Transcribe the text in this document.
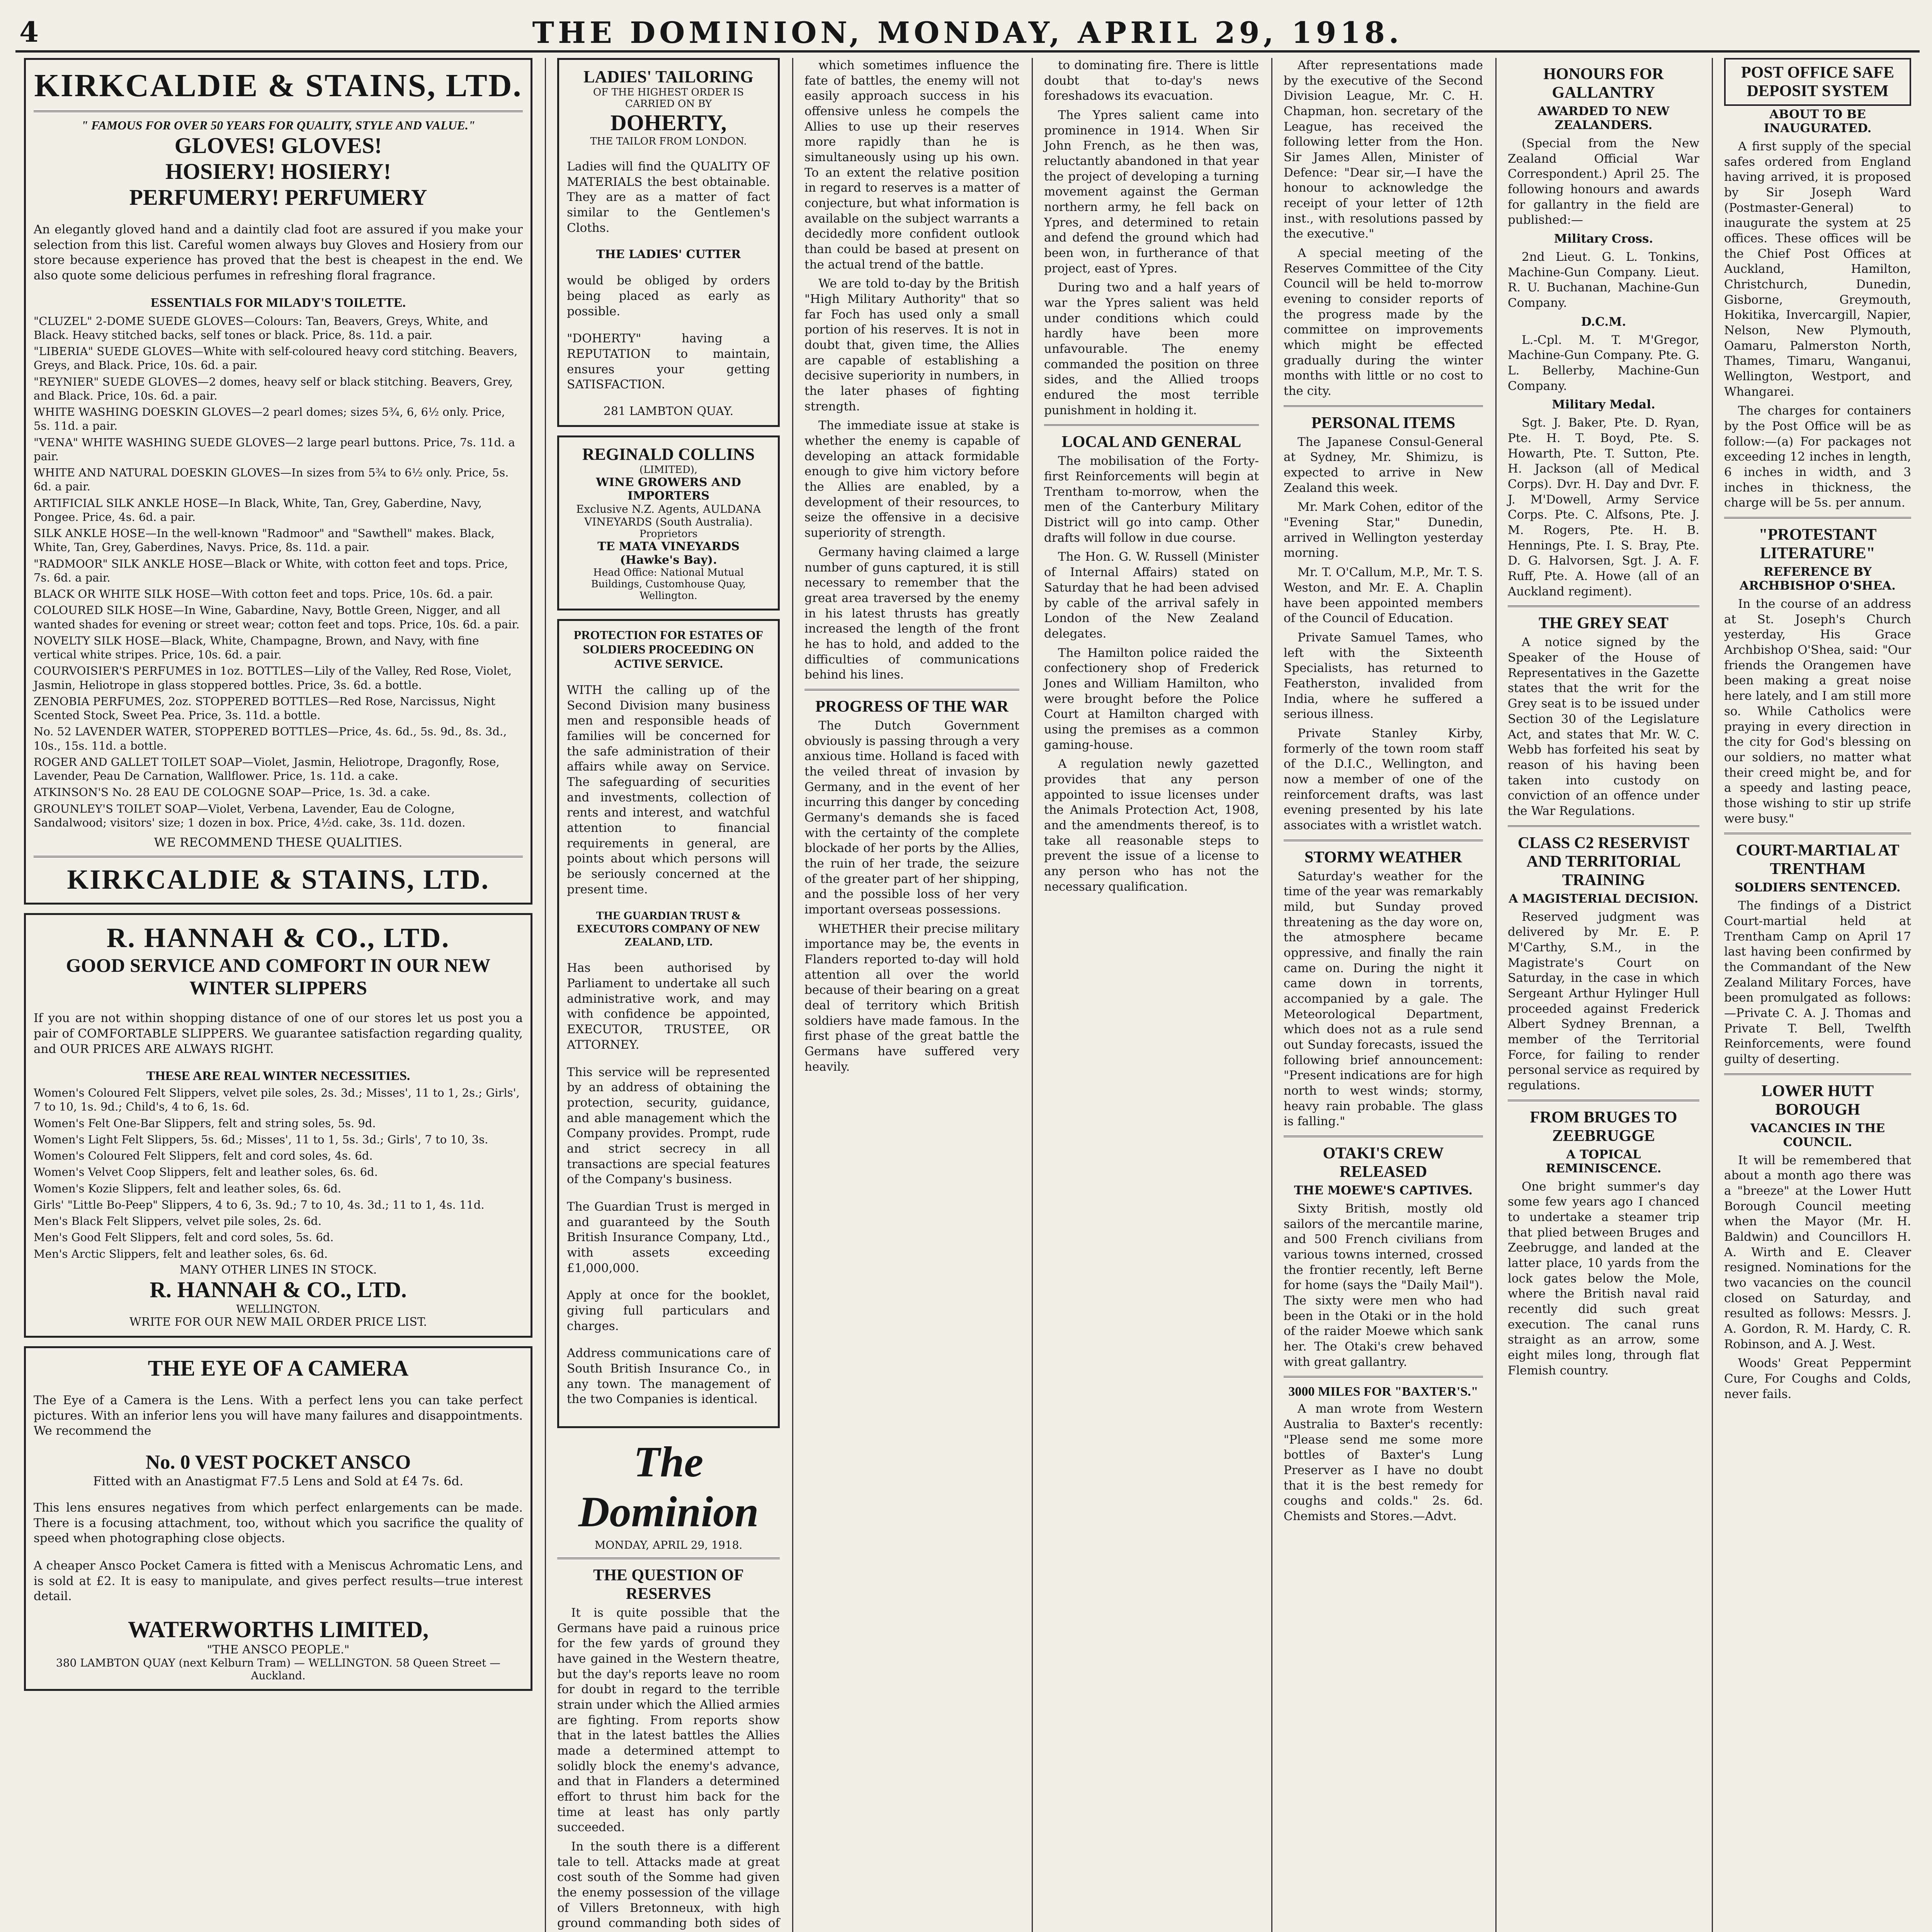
4	THE DOMINION, MONDAY, APRIL 29, 1918.
KIRKCALDIE & STAINS, LTD.
" FAMOUS FOR OVER 50 YEARS FOR QUALITY, STYLE AND VALUE."
GLOVES! GLOVES!
HOSIERY! HOSIERY!
PERFUMERY! PERFUMERY

An elegantly gloved hand and a daintily clad foot are assured if you make your selection from this list. Careful women always buy Gloves and Hosiery from our store because experience has proved that the best is cheapest in the end. We also quote some delicious perfumes in refreshing floral fragrance.

ESSENTIALS FOR MILADY'S TOILETTE.

"CLUZEL" 2-DOME SUEDE GLOVES—Colours: Tan, Beavers, Greys, White, and Black. Heavy stitched backs, self tones or black. Price, 8s. 11d. a pair.

"LIBERIA" SUEDE GLOVES—White with self-coloured heavy cord stitching. Beavers, Greys, and Black. Price, 10s. 6d. a pair.

"REYNIER" SUEDE GLOVES—2 domes, heavy self or black stitching. Beavers, Grey, and Black. Price, 10s. 6d. a pair.

WHITE WASHING DOESKIN GLOVES—2 pearl domes; sizes 5¾, 6, 6½ only. Price, 5s. 11d. a pair.

"VENA" WHITE WASHING SUEDE GLOVES—2 large pearl buttons. Price, 7s. 11d. a pair.

WHITE AND NATURAL DOESKIN GLOVES—In sizes from 5¾ to 6½ only. Price, 5s. 6d. a pair.

ARTIFICIAL SILK ANKLE HOSE—In Black, White, Tan, Grey, Gaberdine, Navy, Pongee. Price, 4s. 6d. a pair.

SILK ANKLE HOSE—In the well-known "Radmoor" and "Sawthell" makes. Black, White, Tan, Grey, Gaberdines, Navys. Price, 8s. 11d. a pair.

"RADMOOR" SILK ANKLE HOSE—Black or White, with cotton feet and tops. Price, 7s. 6d. a pair.

BLACK OR WHITE SILK HOSE—With cotton feet and tops. Price, 10s. 6d. a pair.

COLOURED SILK HOSE—In Wine, Gabardine, Navy, Bottle Green, Nigger, and all wanted shades for evening or street wear; cotton feet and tops. Price, 10s. 6d. a pair.

NOVELTY SILK HOSE—Black, White, Champagne, Brown, and Navy, with fine vertical white stripes. Price, 10s. 6d. a pair.

COURVOISIER'S PERFUMES in 1oz. BOTTLES—Lily of the Valley, Red Rose, Violet, Jasmin, Heliotrope in glass stoppered bottles. Price, 3s. 6d. a bottle.

ZENOBIA PERFUMES, 2oz. STOPPERED BOTTLES—Red Rose, Narcissus, Night Scented Stock, Sweet Pea. Price, 3s. 11d. a bottle.

No. 52 LAVENDER WATER, STOPPERED BOTTLES—Price, 4s. 6d., 5s. 9d., 8s. 3d., 10s., 15s. 11d. a bottle.

ROGER AND GALLET TOILET SOAP—Violet, Jasmin, Heliotrope, Dragonfly, Rose, Lavender, Peau De Carnation, Wallflower. Price, 1s. 11d. a cake.

ATKINSON'S No. 28 EAU DE COLOGNE SOAP—Price, 1s. 3d. a cake.

GROUNLEY'S TOILET SOAP—Violet, Verbena, Lavender, Eau de Cologne, Sandalwood; visitors' size; 1 dozen in box. Price, 4½d. cake, 3s. 11d. dozen.

WE RECOMMEND THESE QUALITIES.
KIRKCALDIE & STAINS, LTD.
R. HANNAH & CO., LTD.
GOOD SERVICE AND COMFORT IN OUR NEW WINTER SLIPPERS

If you are not within shopping distance of one of our stores let us post you a pair of COMFORTABLE SLIPPERS. We guarantee satisfaction regarding quality, and OUR PRICES ARE ALWAYS RIGHT.

THESE ARE REAL WINTER NECESSITIES.

Women's Coloured Felt Slippers, velvet pile soles, 2s. 3d.; Misses', 11 to 1, 2s.; Girls', 7 to 10, 1s. 9d.; Child's, 4 to 6, 1s. 6d.

Women's Felt One-Bar Slippers, felt and string soles, 5s. 9d.

Women's Light Felt Slippers, 5s. 6d.; Misses', 11 to 1, 5s. 3d.; Girls', 7 to 10, 3s.

Women's Coloured Felt Slippers, felt and cord soles, 4s. 6d.

Women's Velvet Coop Slippers, felt and leather soles, 6s. 6d.

Women's Kozie Slippers, felt and leather soles, 6s. 6d.

Girls' "Little Bo-Peep" Slippers, 4 to 6, 3s. 9d.; 7 to 10, 4s. 3d.; 11 to 1, 4s. 11d.

Men's Black Felt Slippers, velvet pile soles, 2s. 6d.

Men's Good Felt Slippers, felt and cord soles, 5s. 6d.

Men's Arctic Slippers, felt and leather soles, 6s. 6d.

MANY OTHER LINES IN STOCK.
R. HANNAH & CO., LTD.
WELLINGTON.
WRITE FOR OUR NEW MAIL ORDER PRICE LIST.
THE EYE OF A CAMERA

The Eye of a Camera is the Lens. With a perfect lens you can take perfect pictures. With an inferior lens you will have many failures and disappointments. We recommend the

No. 0 VEST POCKET ANSCO
Fitted with an Anastigmat F7.5 Lens and Sold at £4 7s. 6d.

This lens ensures negatives from which perfect enlargements can be made. There is a focusing attachment, too, without which you sacrifice the quality of speed when photographing close objects.

A cheaper Ansco Pocket Camera is fitted with a Meniscus Achromatic Lens, and is sold at £2. It is easy to manipulate, and gives perfect results—true interest detail.

WATERWORTHS LIMITED,
"THE ANSCO PEOPLE."
380 LAMBTON QUAY (next Kelburn Tram) — WELLINGTON. 58 Queen Street — Auckland.

LADIES' TAILORING
OF THE HIGHEST ORDER IS CARRIED ON BY
DOHERTY,
THE TAILOR FROM LONDON.

Ladies will find the QUALITY OF MATERIALS the best obtainable. They are as a matter of fact similar to the Gentlemen's Cloths.

THE LADIES' CUTTER

would be obliged by orders being placed as early as possible.

"DOHERTY" having a REPUTATION to maintain, ensures your getting SATISFACTION.

281 LAMBTON QUAY.
REGINALD COLLINS
(LIMITED),
WINE GROWERS AND IMPORTERS
Exclusive N.Z. Agents, AULDANA VINEYARDS (South Australia).
Proprietors
TE MATA VINEYARDS (Hawke's Bay).
Head Office: National Mutual Buildings, Customhouse Quay, Wellington.
PROTECTION FOR ESTATES OF SOLDIERS PROCEEDING ON ACTIVE SERVICE.

WITH the calling up of the Second Division many business men and responsible heads of families will be concerned for the safe administration of their affairs while away on Service. The safeguarding of securities and investments, collection of rents and interest, and watchful attention to financial requirements in general, are points about which persons will be seriously concerned at the present time.

THE GUARDIAN TRUST & EXECUTORS COMPANY OF NEW ZEALAND, LTD.

Has been authorised by Parliament to undertake all such administrative work, and may with confidence be appointed, EXECUTOR, TRUSTEE, OR ATTORNEY.

This service will be represented by an address of obtaining the protection, security, guidance, and able management which the Company provides. Prompt, rude and strict secrecy in all transactions are special features of the Company's business.

The Guardian Trust is merged in and guaranteed by the South British Insurance Company, Ltd., with assets exceeding £1,000,000.

Apply at once for the booklet, giving full particulars and charges.

Address communications care of South British Insurance Co., in any town. The management of the two Companies is identical.

The Dominion
MONDAY, APRIL 29, 1918.
THE QUESTION OF RESERVES

It is quite possible that the Germans have paid a ruinous price for the few yards of ground they have gained in the Western theatre, but the day's reports leave no room for doubt in regard to the terrible strain under which the Allied armies are fighting. From reports show that in the latest battles the Allies made a determined attempt to solidly block the enemy's advance, and that in Flanders a determined effort to thrust him back for the time at least has only partly succeeded.

In the south there is a different tale to tell. Attacks made at great cost south of the Somme had given the enemy possession of the village of Villers Bretonneux, with high ground commanding both sides of

which sometimes influence the fate of battles, the enemy will not easily approach success in his offensive unless he compels the Allies to use up their reserves more rapidly than he is simultaneously using up his own. To an extent the relative position in regard to reserves is a matter of conjecture, but what information is available on the subject warrants a decidedly more confident outlook than could be based at present on the actual trend of the battle.

We are told to-day by the British "High Military Authority" that so far Foch has used only a small portion of his reserves. It is not in doubt that, given time, the Allies are capable of establishing a decisive superiority in numbers, in the later phases of fighting strength.

The immediate issue at stake is whether the enemy is capable of developing an attack formidable enough to give him victory before the Allies are enabled, by a development of their resources, to seize the offensive in a decisive superiority of strength.

Germany having claimed a large number of guns captured, it is still necessary to remember that the great area traversed by the enemy in his latest thrusts has greatly increased the length of the front he has to hold, and added to the difficulties of communications behind his lines.

PROGRESS OF THE WAR

The Dutch Government obviously is passing through a very anxious time. Holland is faced with the veiled threat of invasion by Germany, and in the event of her incurring this danger by conceding Germany's demands she is faced with the certainty of the complete blockade of her ports by the Allies, the ruin of her trade, the seizure of the greater part of her shipping, and the possible loss of her very important overseas possessions.

WHETHER their precise military importance may be, the events in Flanders reported to-day will hold attention all over the world because of their bearing on a great deal of territory which British soldiers have made famous. In the first phase of the great battle the Germans have suffered very heavily.

to dominating fire. There is little doubt that to-day's news foreshadows its evacuation.

The Ypres salient came into prominence in 1914. When Sir John French, as he then was, reluctantly abandoned in that year the project of developing a turning movement against the German northern army, he fell back on Ypres, and determined to retain and defend the ground which had been won, in furtherance of that project, east of Ypres.

During two and a half years of war the Ypres salient was held under conditions which could hardly have been more unfavourable. The enemy commanded the position on three sides, and the Allied troops endured the most terrible punishment in holding it.

LOCAL AND GENERAL

The mobilisation of the Forty-first Reinforcements will begin at Trentham to-morrow, when the men of the Canterbury Military District will go into camp. Other drafts will follow in due course.

The Hon. G. W. Russell (Minister of Internal Affairs) stated on Saturday that he had been advised by cable of the arrival safely in London of the New Zealand delegates.

The Hamilton police raided the confectionery shop of Frederick Jones and William Hamilton, who were brought before the Police Court at Hamilton charged with using the premises as a common gaming-house.

A regulation newly gazetted provides that any person appointed to issue licenses under the Animals Protection Act, 1908, and the amendments thereof, is to take all reasonable steps to prevent the issue of a license to any person who has not the necessary qualification.

After representations made by the executive of the Second Division League, Mr. C. H. Chapman, hon. secretary of the League, has received the following letter from the Hon. Sir James Allen, Minister of Defence: "Dear sir,—I have the honour to acknowledge the receipt of your letter of 12th inst., with resolutions passed by the executive."

A special meeting of the Reserves Committee of the City Council will be held to-morrow evening to consider reports of the progress made by the committee on improvements which might be effected gradually during the winter months with little or no cost to the city.

PERSONAL ITEMS

The Japanese Consul-General at Sydney, Mr. Shimizu, is expected to arrive in New Zealand this week.

Mr. Mark Cohen, editor of the "Evening Star," Dunedin, arrived in Wellington yesterday morning.

Mr. T. O'Callum, M.P., Mr. T. S. Weston, and Mr. E. A. Chaplin have been appointed members of the Council of Education.

Private Samuel Tames, who left with the Sixteenth Specialists, has returned to Featherston, invalided from India, where he suffered a serious illness.

Private Stanley Kirby, formerly of the town room staff of the D.I.C., Wellington, and now a member of one of the reinforcement drafts, was last evening presented by his late associates with a wristlet watch.

STORMY WEATHER

Saturday's weather for the time of the year was remarkably mild, but Sunday proved threatening as the day wore on, the atmosphere became oppressive, and finally the rain came on. During the night it came down in torrents, accompanied by a gale. The Meteorological Department, which does not as a rule send out Sunday forecasts, issued the following brief announcement: "Present indications are for high north to west winds; stormy, heavy rain probable. The glass is falling."

OTAKI'S CREW RELEASED
THE MOEWE'S CAPTIVES.

Sixty British, mostly old sailors of the mercantile marine, and 500 French civilians from various towns interned, crossed the frontier recently, left Berne for home (says the "Daily Mail"). The sixty were men who had been in the Otaki or in the hold of the raider Moewe which sank her. The Otaki's crew behaved with great gallantry.

3000 MILES FOR "BAXTER'S."

A man wrote from Western Australia to Baxter's recently: "Please send me some more bottles of Baxter's Lung Preserver as I have no doubt that it is the best remedy for coughs and colds." 2s. 6d. Chemists and Stores.—Advt.

HONOURS FOR GALLANTRY
AWARDED TO NEW ZEALANDERS.

(Special from the New Zealand Official War Correspondent.) April 25. The following honours and awards for gallantry in the field are published:—

Military Cross.

2nd Lieut. G. L. Tonkins, Machine-Gun Company. Lieut. R. U. Buchanan, Machine-Gun Company.

D.C.M.

L.-Cpl. M. T. M'Gregor, Machine-Gun Company. Pte. G. L. Bellerby, Machine-Gun Company.

Military Medal.

Sgt. J. Baker, Pte. D. Ryan, Pte. H. T. Boyd, Pte. S. Howarth, Pte. T. Sutton, Pte. H. Jackson (all of Medical Corps). Dvr. H. Day and Dvr. F. J. M'Dowell, Army Service Corps. Pte. C. Alfsons, Pte. J. M. Rogers, Pte. H. B. Hennings, Pte. I. S. Bray, Pte. D. G. Halvorsen, Sgt. J. A. F. Ruff, Pte. A. Howe (all of an Auckland regiment).

THE GREY SEAT

A notice signed by the Speaker of the House of Representatives in the Gazette states that the writ for the Grey seat is to be issued under Section 30 of the Legislature Act, and states that Mr. W. C. Webb has forfeited his seat by reason of his having been taken into custody on conviction of an offence under the War Regulations.

CLASS C2 RESERVIST AND TERRITORIAL TRAINING
A MAGISTERIAL DECISION.

Reserved judgment was delivered by Mr. E. P. M'Carthy, S.M., in the Magistrate's Court on Saturday, in the case in which Sergeant Arthur Hylinger Hull proceeded against Frederick Albert Sydney Brennan, a member of the Territorial Force, for failing to render personal service as required by regulations.

FROM BRUGES TO ZEEBRUGGE
A TOPICAL REMINISCENCE.

One bright summer's day some few years ago I chanced to undertake a steamer trip that plied between Bruges and Zeebrugge, and landed at the latter place, 10 yards from the lock gates below the Mole, where the British naval raid recently did such great execution. The canal runs straight as an arrow, some eight miles long, through flat Flemish country.

POST OFFICE SAFE DEPOSIT SYSTEM
ABOUT TO BE INAUGURATED.

A first supply of the special safes ordered from England having arrived, it is proposed by Sir Joseph Ward (Postmaster-General) to inaugurate the system at 25 offices. These offices will be the Chief Post Offices at Auckland, Hamilton, Christchurch, Dunedin, Gisborne, Greymouth, Hokitika, Invercargill, Napier, Nelson, New Plymouth, Oamaru, Palmerston North, Thames, Timaru, Wanganui, Wellington, Westport, and Whangarei.

The charges for containers by the Post Office will be as follow:—(a) For packages not exceeding 12 inches in length, 6 inches in width, and 3 inches in thickness, the charge will be 5s. per annum.

"PROTESTANT LITERATURE"
REFERENCE BY ARCHBISHOP O'SHEA.

In the course of an address at St. Joseph's Church yesterday, His Grace Archbishop O'Shea, said: "Our friends the Orangemen have been making a great noise here lately, and I am still more so. While Catholics were praying in every direction in the city for God's blessing on our soldiers, no matter what their creed might be, and for a speedy and lasting peace, those wishing to stir up strife were busy."

COURT-MARTIAL AT TRENTHAM
SOLDIERS SENTENCED.

The findings of a District Court-martial held at Trentham Camp on April 17 last having been confirmed by the Commandant of the New Zealand Military Forces, have been promulgated as follows:—Private C. A. J. Thomas and Private T. Bell, Twelfth Reinforcements, were found guilty of deserting.

LOWER HUTT BOROUGH
VACANCIES IN THE COUNCIL.

It will be remembered that about a month ago there was a "breeze" at the Lower Hutt Borough Council meeting when the Mayor (Mr. H. Baldwin) and Councillors H. A. Wirth and E. Cleaver resigned. Nominations for the two vacancies on the council closed on Saturday, and resulted as follows: Messrs. J. A. Gordon, R. M. Hardy, C. R. Robinson, and A. J. West.

Woods' Great Peppermint Cure, For Coughs and Colds, never fails.
